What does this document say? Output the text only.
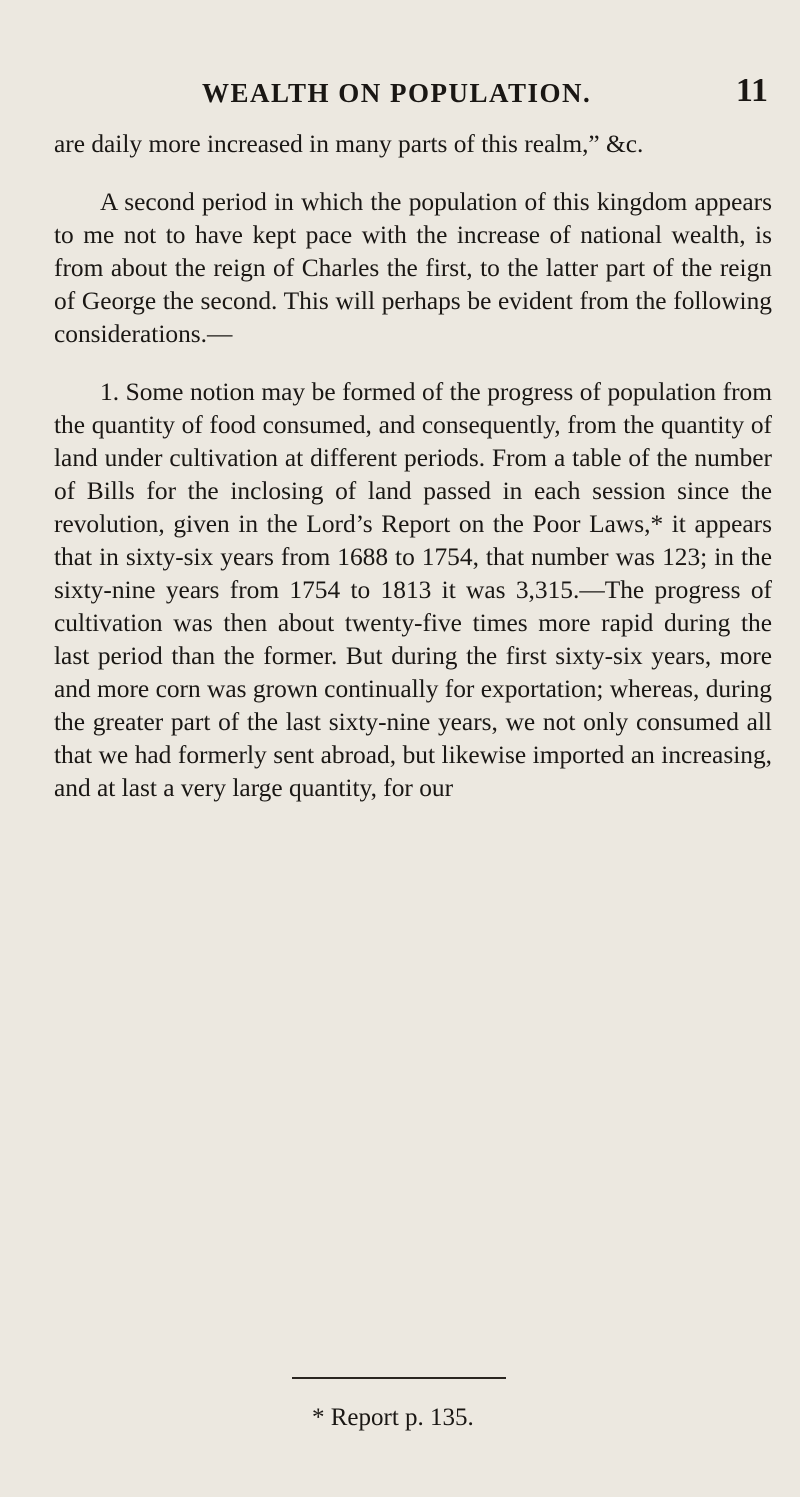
WEALTH ON POPULATION.	11

are daily more increased in many parts of this realm,” &c.

A second period in which the population of this kingdom appears to me not to have kept pace with the increase of national wealth, is from about the reign of Charles the first, to the latter part of the reign of George the second. This will perhaps be evident from the following considerations.—

1. Some notion may be formed of the progress of population from the quantity of food consumed, and consequently, from the quantity of land under cultivation at different periods. From a table of the number of Bills for the inclosing of land passed in each session since the revolution, given in the Lord’s Report on the Poor Laws,* it appears that in sixty-six years from 1688 to 1754, that number was 123; in the sixty-nine years from 1754 to 1813 it was 3,315.—The progress of cultivation was then about twenty-five times more rapid during the last period than the former. But during the first sixty-six years, more and more corn was grown continually for exportation; whereas, during the greater part of the last sixty-nine years, we not only consumed all that we had formerly sent abroad, but likewise imported an increasing, and at last a very large quantity, for our

* Report p. 135.
